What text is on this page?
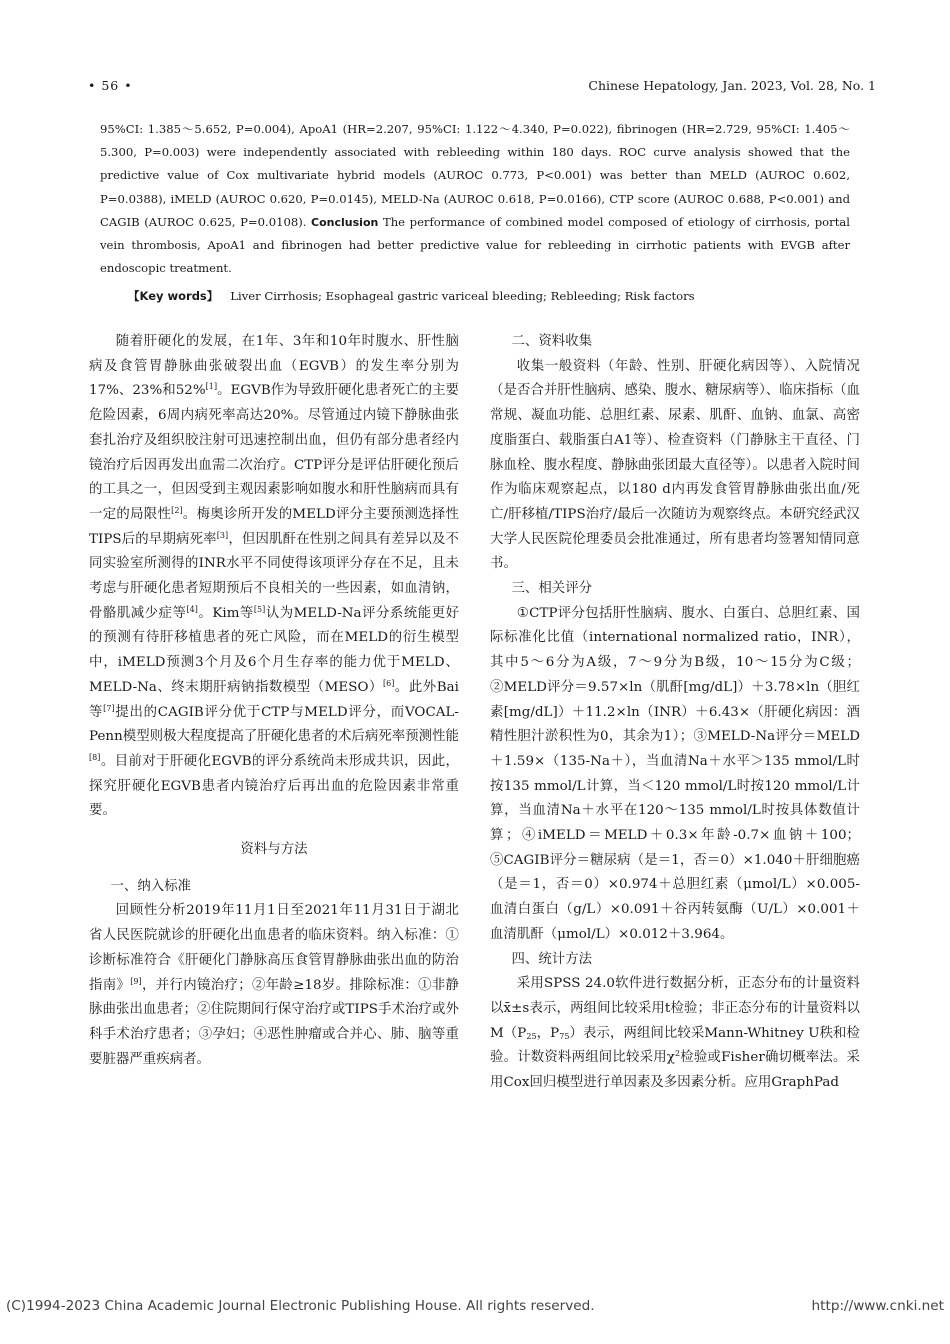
• 56 •	Chinese Hepatology, Jan. 2023, Vol. 28, No. 1

95%CI: 1.385～5.652, P=0.004), ApoA1 (HR=2.207, 95%CI: 1.122～4.340, P=0.022), fibrinogen (HR=2.729, 95%CI: 1.405～5.300, P=0.003) were independently associated with rebleeding within 180 days. ROC curve analysis showed that the predictive value of Cox multivariate hybrid models (AUROC 0.773, P<0.001) was better than MELD (AUROC 0.602, P=0.0388), iMELD (AUROC 0.620, P=0.0145), MELD-Na (AUROC 0.618, P=0.0166), CTP score (AUROC 0.688, P<0.001) and CAGIB (AUROC 0.625, P=0.0108). Conclusion The performance of combined model composed of etiology of cirrhosis, portal vein thrombosis, ApoA1 and fibrinogen had better predictive value for rebleeding in cirrhotic patients with EVGB after endoscopic treatment.

【Key words】 Liver Cirrhosis; Esophageal gastric variceal bleeding; Rebleeding; Risk factors

随着肝硬化的发展，在1年、3年和10年时腹水、肝性脑病及食管胃静脉曲张破裂出血（EGVB）的发生率分别为17%、23%和52%[1]。EGVB作为导致肝硬化患者死亡的主要危险因素，6周内病死率高达20%。尽管通过内镜下静脉曲张套扎治疗及组织胶注射可迅速控制出血，但仍有部分患者经内镜治疗后因再发出血需二次治疗。CTP评分是评估肝硬化预后的工具之一，但因受到主观因素影响如腹水和肝性脑病而具有一定的局限性[2]。梅奥诊所开发的MELD评分主要预测选择性TIPS后的早期病死率[3]，但因肌酐在性别之间具有差异以及不同实验室所测得的INR水平不同使得该项评分存在不足，且未考虑与肝硬化患者短期预后不良相关的一些因素，如血清钠，骨骼肌减少症等[4]。Kim等[5]认为MELD-Na评分系统能更好的预测有待肝移植患者的死亡风险，而在MELD的衍生模型中，iMELD预测3个月及6个月生存率的能力优于MELD、MELD-Na、终末期肝病钠指数模型（MESO）[6]。此外Bai等[7]提出的CAGIB评分优于CTP与MELD评分，而VOCAL-Penn模型则极大程度提高了肝硬化患者的术后病死率预测性能[8]。目前对于肝硬化EGVB的评分系统尚未形成共识，因此，探究肝硬化EGVB患者内镜治疗后再出血的危险因素非常重要。

资料与方法

一、纳入标准

回顾性分析2019年11月1日至2021年11月31日于湖北省人民医院就诊的肝硬化出血患者的临床资料。纳入标准：①诊断标准符合《肝硬化门静脉高压食管胃静脉曲张出血的防治指南》[9]，并行内镜治疗；②年龄≥18岁。排除标准：①非静脉曲张出血患者；②住院期间行保守治疗或TIPS手术治疗或外科手术治疗患者；③孕妇；④恶性肿瘤或合并心、肺、脑等重要脏器严重疾病者。

二、资料收集

收集一般资料（年龄、性别、肝硬化病因等）、入院情况（是否合并肝性脑病、感染、腹水、糖尿病等）、临床指标（血常规、凝血功能、总胆红素、尿素、肌酐、血钠、血氯、高密度脂蛋白、载脂蛋白A1等）、检查资料（门静脉主干直径、门脉血栓、腹水程度、静脉曲张团最大直径等）。以患者入院时间作为临床观察起点，以180 d内再发食管胃静脉曲张出血/死亡/肝移植/TIPS治疗/最后一次随访为观察终点。本研究经武汉大学人民医院伦理委员会批准通过，所有患者均签署知情同意书。

三、相关评分

①CTP评分包括肝性脑病、腹水、白蛋白、总胆红素、国际标准化比值（international normalized ratio，INR），其中5～6分为A级，7～9分为B级，10～15分为C级；②MELD评分＝9.57×ln（肌酐[mg/dL]）＋3.78×ln（胆红素[mg/dL]）＋11.2×ln（INR）＋6.43×（肝硬化病因：酒精性胆汁淤积性为0，其余为1）；③MELD-Na评分＝MELD＋1.59×（135-Na＋），当血清Na＋水平＞135 mmol/L时按135 mmol/L计算，当＜120 mmol/L时按120 mmol/L计算，当血清Na＋水平在120～135 mmol/L时按具体数值计算；④iMELD＝MELD＋0.3×年龄-0.7×血钠＋100；⑤CAGIB评分＝糖尿病（是＝1，否＝0）×1.040＋肝细胞癌（是＝1，否＝0）×0.974＋总胆红素（μmol/L）×0.005-血清白蛋白（g/L）×0.091＋谷丙转氨酶（U/L）×0.001＋血清肌酐（μmol/L）×0.012＋3.964。

四、统计方法

采用SPSS 24.0软件进行数据分析，正态分布的计量资料以x̄±s表示，两组间比较采用t检验；非正态分布的计量资料以$M(P_{25}$，$P_{75}$）表示，两组间比较采Mann-Whitney U秩和检验。计数资料两组间比较采用$\chi^2$检验或Fisher确切概率法。采用Cox回归模型进行单因素及多因素分析。应用GraphPad

(C)1994-2023 China Academic Journal Electronic Publishing House. All rights reserved.	http://www.cnki.net
